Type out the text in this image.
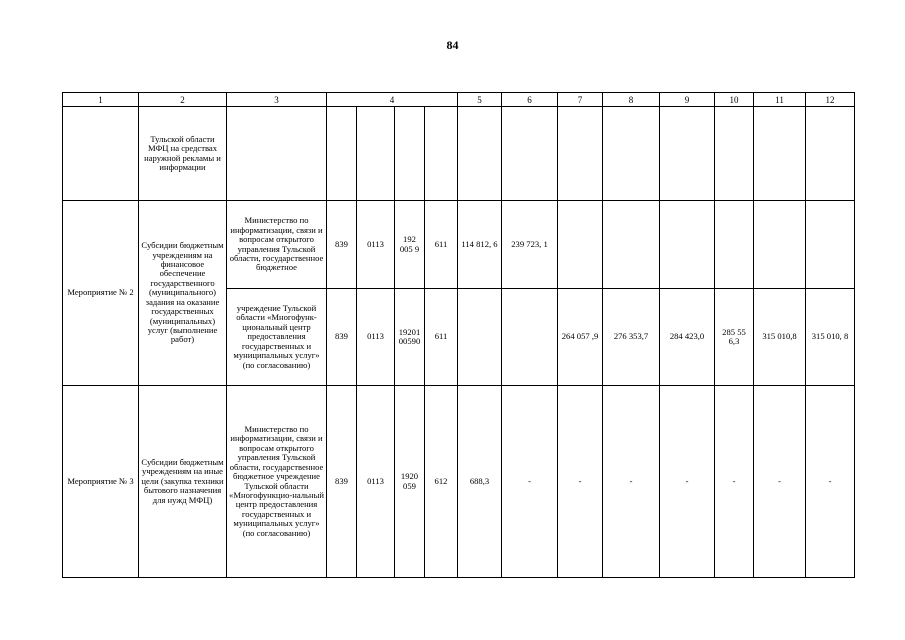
84
1	2	3	4				5	6	7	8	9	10	11	12
	Тульской области МФЦ на средствах наружной рекламы и информации													
Мероприятие № 2	Субсидии бюджетным учреждениям на финансовое обеспечение государственного (муниципального) задания на оказание государственных (муниципальных) услуг (выполнение работ)	Министерство по информатизации, связи и вопросам открытого управления Тульской области, государственное бюджетное	839	0113	192 005 9	611	114 812, 6	239 723, 1						
		учреждение Тульской области «Многофунк-циональный центр предоставления государственных и муниципальных услуг» (по согласованию)	839	0113	19201 00590	611			264 057 ,9	276 353,7	284 423,0	285 55 6,3	315 010,8	315 010, 8
Мероприятие № 3	Субсидии бюджетным учреждениям на иные цели (закупка техники бытового назначения для нужд МФЦ)	Министерство по информатизации, связи и вопросам открытого управления Тульской области, государственное бюджетное учреждение Тульской области «Многофункцио-нальный центр предоставления государственных и муниципальных услуг» (по согласованию)	839	0113	1920 059	612	688,3	-	-	-	-	-	-	-
